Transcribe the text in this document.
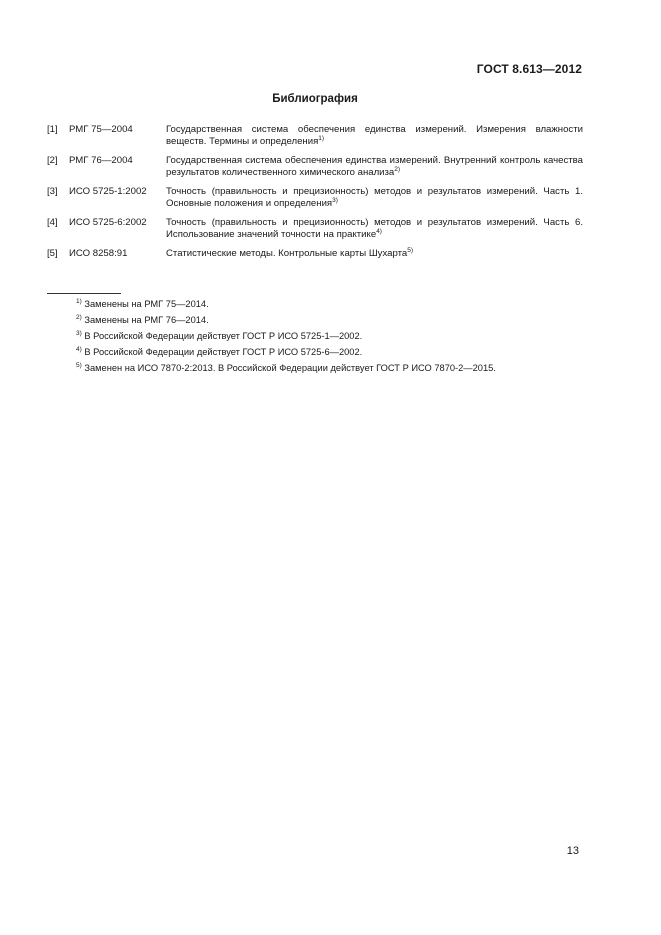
ГОСТ 8.613—2012
Библиография
[1]	РМГ 75—2004	Государственная система обеспечения единства измерений. Измерения влажности веществ. Термины и определения$^{1)}$
[2]	РМГ 76—2004	Государственная система обеспечения единства измерений. Внутренний контроль качества результатов количественного химического анализа$^{2)}$
[3]	ИСО 5725-1:2002	Точность (правильность и прецизионность) методов и результатов измерений. Часть 1. Основные положения и определения$^{3)}$
[4]	ИСО 5725-6:2002	Точность (правильность и прецизионность) методов и результатов измерений. Часть 6. Использование значений точности на практике$^{4)}$
[5]	ИСО 8258:91	Статистические методы. Контрольные карты Шухарта$^{5)}$
$^{1)}$ Заменены на РМГ 75—2014.
$^{2)}$ Заменены на РМГ 76—2014.
$^{3)}$ В Российской Федерации действует ГОСТ Р ИСО 5725-1—2002.
$^{4)}$ В Российской Федерации действует ГОСТ Р ИСО 5725-6—2002.
$^{5)}$ Заменен на ИСО 7870-2:2013. В Российской Федерации действует ГОСТ Р ИСО 7870-2—2015.
13
